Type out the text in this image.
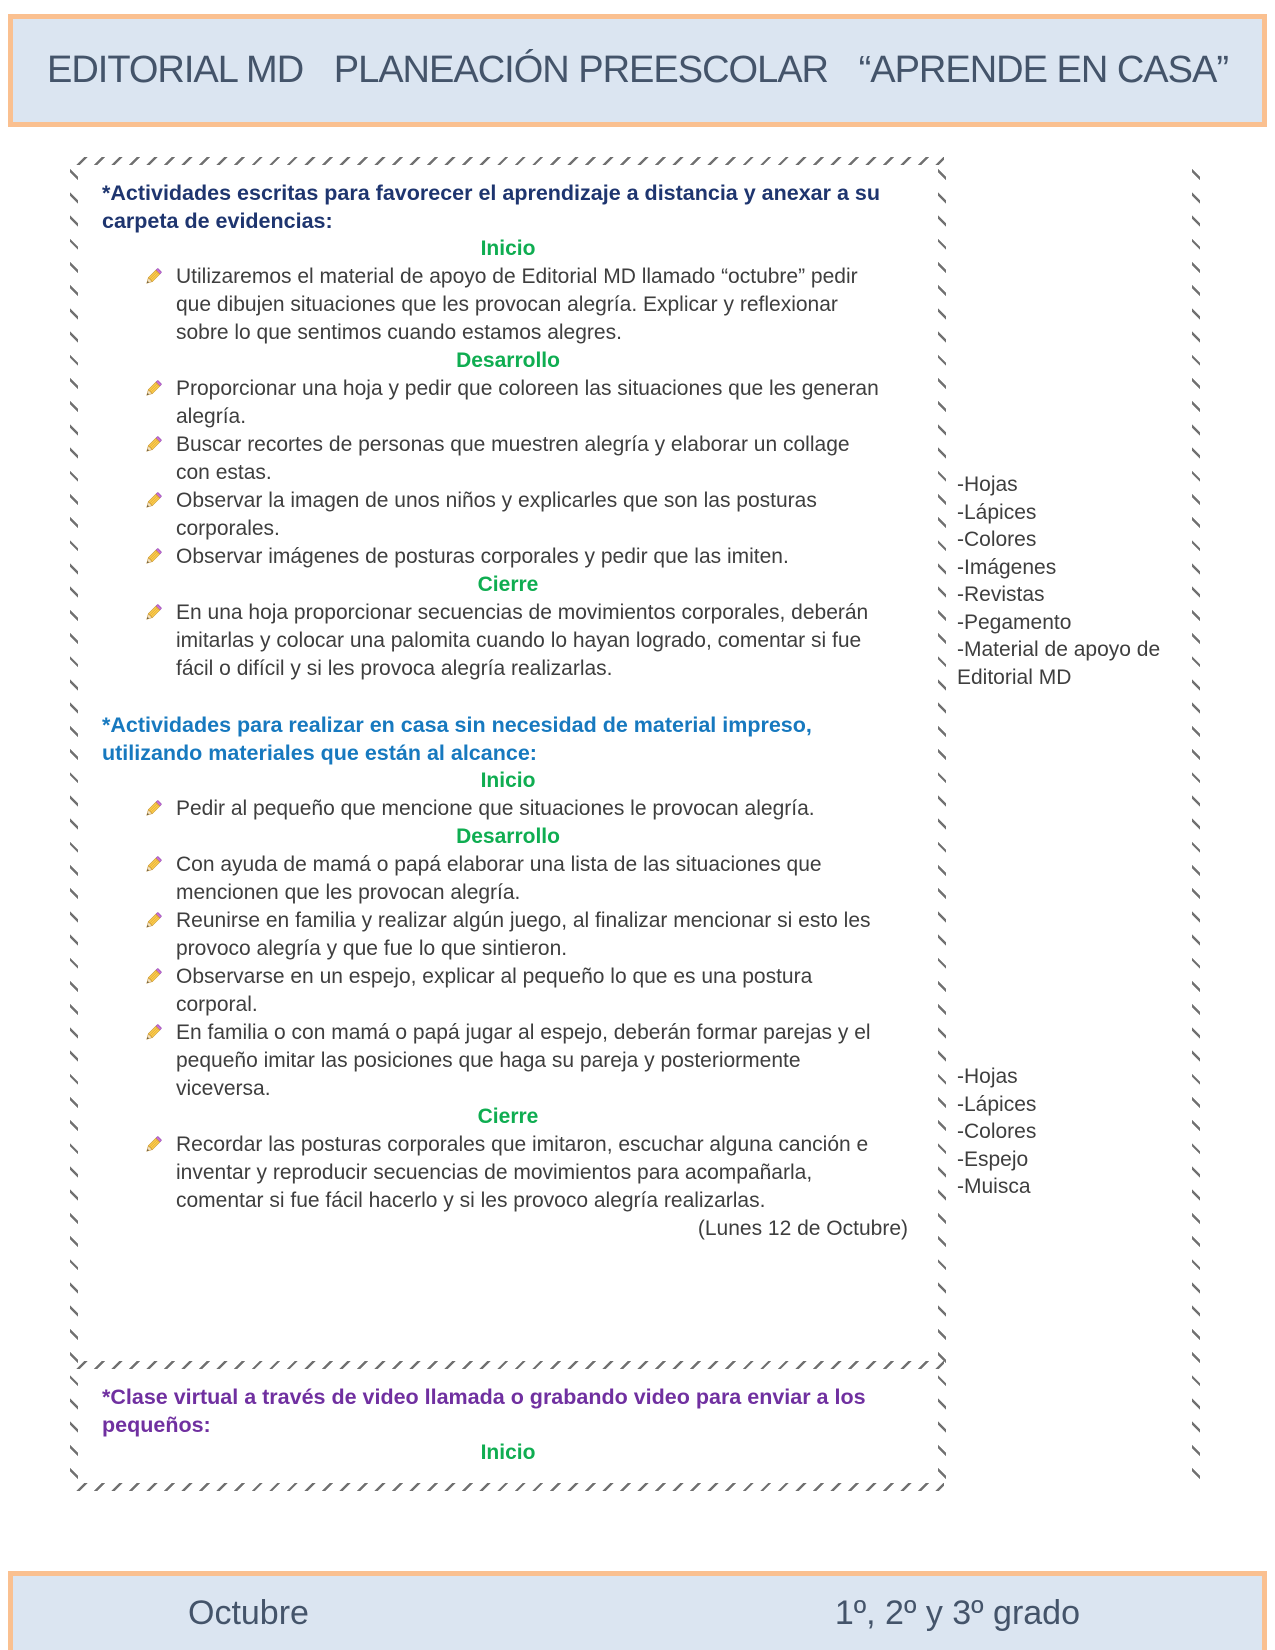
EDITORIAL MD PLANEACIÓN PREESCOLAR “APRENDE EN CASA”
*Actividades escritas para favorecer el aprendizaje a distancia y anexar a su carpeta de evidencias:
Inicio
Utilizaremos el material de apoyo de Editorial MD llamado “octubre” pedir que dibujen situaciones que les provocan alegría. Explicar y reflexionar sobre lo que sentimos cuando estamos alegres.
Desarrollo
Proporcionar una hoja y pedir que coloreen las situaciones que les generan alegría.
Buscar recortes de personas que muestren alegría y elaborar un collage con estas.
Observar la imagen de unos niños y explicarles que son las posturas corporales.
Observar imágenes de posturas corporales y pedir que las imiten.
Cierre
En una hoja proporcionar secuencias de movimientos corporales, deberán imitarlas y colocar una palomita cuando lo hayan logrado, comentar si fue fácil o difícil y si les provoca alegría realizarlas.
*Actividades para realizar en casa sin necesidad de material impreso, utilizando materiales que están al alcance:
Inicio
Pedir al pequeño que mencione que situaciones le provocan alegría.
Desarrollo
Con ayuda de mamá o papá elaborar una lista de las situaciones que mencionen que les provocan alegría.
Reunirse en familia y realizar algún juego, al finalizar mencionar si esto les provoco alegría y que fue lo que sintieron.
Observarse en un espejo, explicar al pequeño lo que es una postura corporal.
En familia o con mamá o papá jugar al espejo, deberán formar parejas y el pequeño imitar las posiciones que haga su pareja y posteriormente viceversa.
Cierre
Recordar las posturas corporales que imitaron, escuchar alguna canción e inventar y reproducir secuencias de movimientos para acompañarla, comentar si fue fácil hacerlo y si les provoco alegría realizarlas.
(Lunes 12 de Octubre)
*Clase virtual a través de video llamada o grabando video para enviar a los pequeños:
Inicio
-Hojas
-Lápices
-Colores
-Imágenes
-Revistas
-Pegamento
-Material de apoyo de Editorial MD
-Hojas
-Lápices
-Colores
-Espejo
-Muisca
Octubre	1º, 2º y 3º grado
